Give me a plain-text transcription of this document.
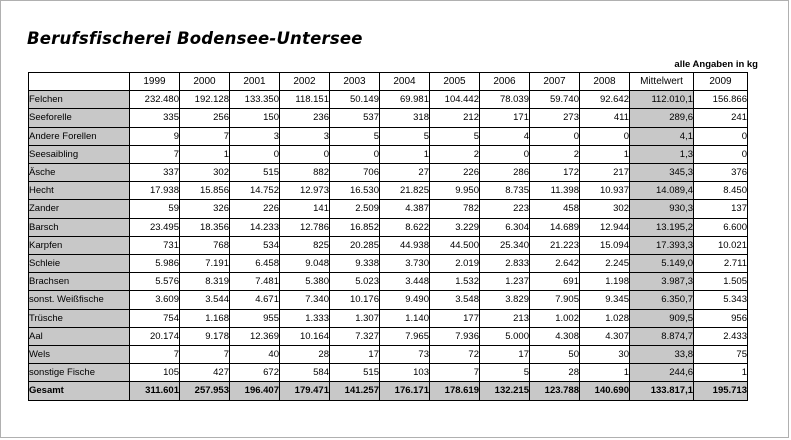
Berufsfischerei Bodensee-Untersee
alle Angaben in kg
	1999	2000	2001	2002	2003	2004	2005	2006	2007	2008	Mittelwert	2009
Felchen	232.480	192.128	133.350	118.151	50.149	69.981	104.442	78.039	59.740	92.642	112.010,1	156.866
Seeforelle	335	256	150	236	537	318	212	171	273	411	289,6	241
Andere Forellen	9	7	3	3	5	5	5	4	0	0	4,1	0
Seesaibling	7	1	0	0	0	1	2	0	2	1	1,3	0
Äsche	337	302	515	882	706	27	226	286	172	217	345,3	376
Hecht	17.938	15.856	14.752	12.973	16.530	21.825	9.950	8.735	11.398	10.937	14.089,4	8.450
Zander	59	326	226	141	2.509	4.387	782	223	458	302	930,3	137
Barsch	23.495	18.356	14.233	12.786	16.852	8.622	3.229	6.304	14.689	12.944	13.195,2	6.600
Karpfen	731	768	534	825	20.285	44.938	44.500	25.340	21.223	15.094	17.393,3	10.021
Schleie	5.986	7.191	6.458	9.048	9.338	3.730	2.019	2.833	2.642	2.245	5.149,0	2.711
Brachsen	5.576	8.319	7.481	5.380	5.023	3.448	1.532	1.237	691	1.198	3.987,3	1.505
sonst. Weißfische	3.609	3.544	4.671	7.340	10.176	9.490	3.548	3.829	7.905	9.345	6.350,7	5.343
Trüsche	754	1.168	955	1.333	1.307	1.140	177	213	1.002	1.028	909,5	956
Aal	20.174	9.178	12.369	10.164	7.327	7.965	7.936	5.000	4.308	4.307	8.874,7	2.433
Wels	7	7	40	28	17	73	72	17	50	30	33,8	75
sonstige Fische	105	427	672	584	515	103	7	5	28	1	244,6	1
Gesamt	311.601	257.953	196.407	179.471	141.257	176.171	178.619	132.215	123.788	140.690	133.817,1	195.713
